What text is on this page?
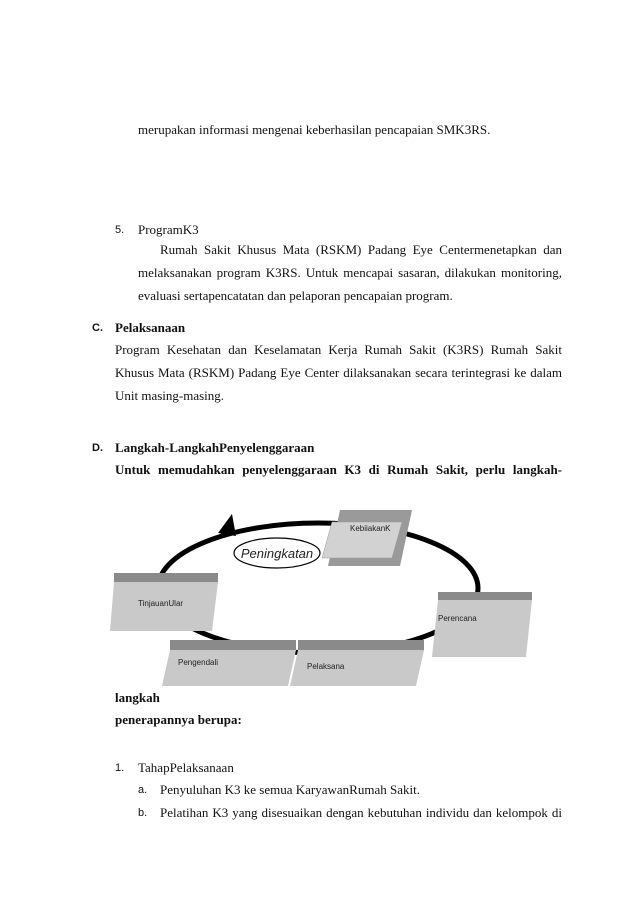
merupakan informasi mengenai keberhasilan pencapaian SMK3RS.
5. ProgramK3
Rumah Sakit Khusus Mata (RSKM) Padang Eye Centermenetapkan dan
melaksanakan program K3RS. Untuk mencapai sasaran, dilakukan monitoring,
evaluasi sertapencatatan dan pelaporan pencapaian program.
C. Pelaksanaan
Program Kesehatan dan Keselamatan Kerja Rumah Sakit (K3RS) Rumah Sakit
Khusus Mata (RSKM) Padang Eye Center dilaksanakan secara terintegrasi ke dalam
Unit masing-masing.
D. Langkah-LangkahPenyelenggaraan
Untuk memudahkan penyelenggaraan K3 di Rumah Sakit, perlu langkah-
Peningkatan
KebiiakanK
TinjauanUlar
Perencana
Pengendali	Pelaksana
langkah
penerapannya berupa:
1. TahapPelaksanaan
a. Penyuluhan K3 ke semua KaryawanRumah Sakit.
b. Pelatihan K3 yang disesuaikan dengan kebutuhan individu dan kelompok di
